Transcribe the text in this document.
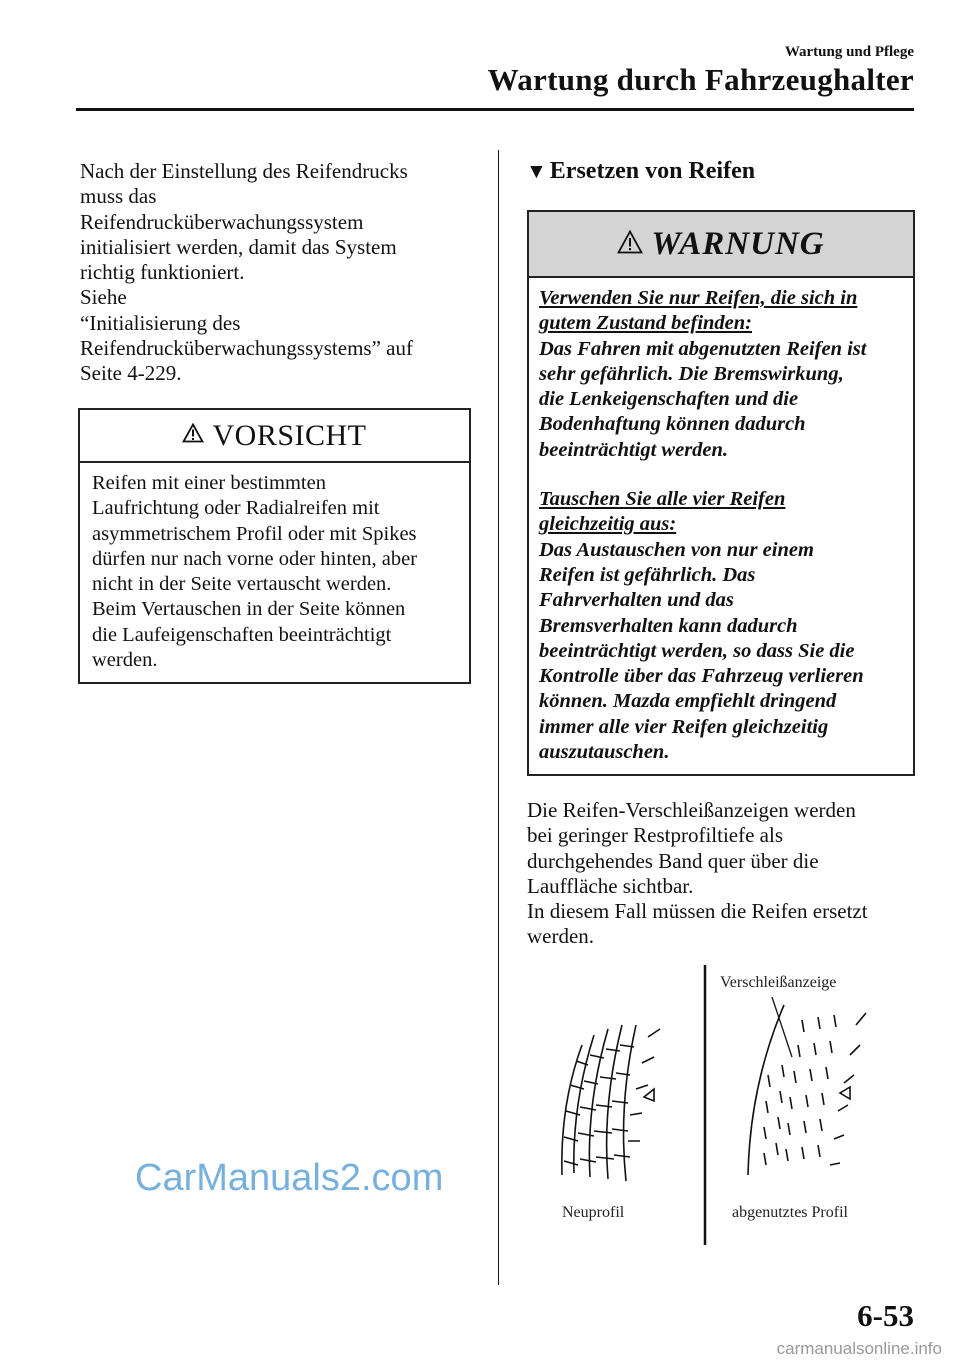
Wartung und Pflege
Wartung durch Fahrzeughalter
Nach der Einstellung des Reifendrucks
muss das
Reifendrucküberwachungssystem
initialisiert werden, damit das System
richtig funktioniert.
Siehe
“Initialisierung des
Reifendrucküberwachungssystems” auf
Seite 4-229.
VORSICHT
Reifen mit einer bestimmten
Laufrichtung oder Radialreifen mit
asymmetrischem Profil oder mit Spikes
dürfen nur nach vorne oder hinten, aber
nicht in der Seite vertauscht werden.
Beim Vertauschen in der Seite können
die Laufeigenschaften beeinträchtigt
werden.
▼ Ersetzen von Reifen
WARNUNG
Verwenden Sie nur Reifen, die sich in
gutem Zustand befinden:
Das Fahren mit abgenutzten Reifen ist
sehr gefährlich. Die Bremswirkung,
die Lenkeigenschaften und die
Bodenhaftung können dadurch
beeinträchtigt werden.
Tauschen Sie alle vier Reifen
gleichzeitig aus:
Das Austauschen von nur einem
Reifen ist gefährlich. Das
Fahrverhalten und das
Bremsverhalten kann dadurch
beeinträchtigt werden, so dass Sie die
Kontrolle über das Fahrzeug verlieren
können. Mazda empfiehlt dringend
immer alle vier Reifen gleichzeitig
auszutauschen.
Die Reifen-Verschleißanzeigen werden
bei geringer Restprofiltiefe als
durchgehendes Band quer über die
Lauffläche sichtbar.
In diesem Fall müssen die Reifen ersetzt
werden.
Verschleißanzeige
Neuprofil	abgenutztes Profil
CarManuals2.com
6-53
carmanualsonline.info
